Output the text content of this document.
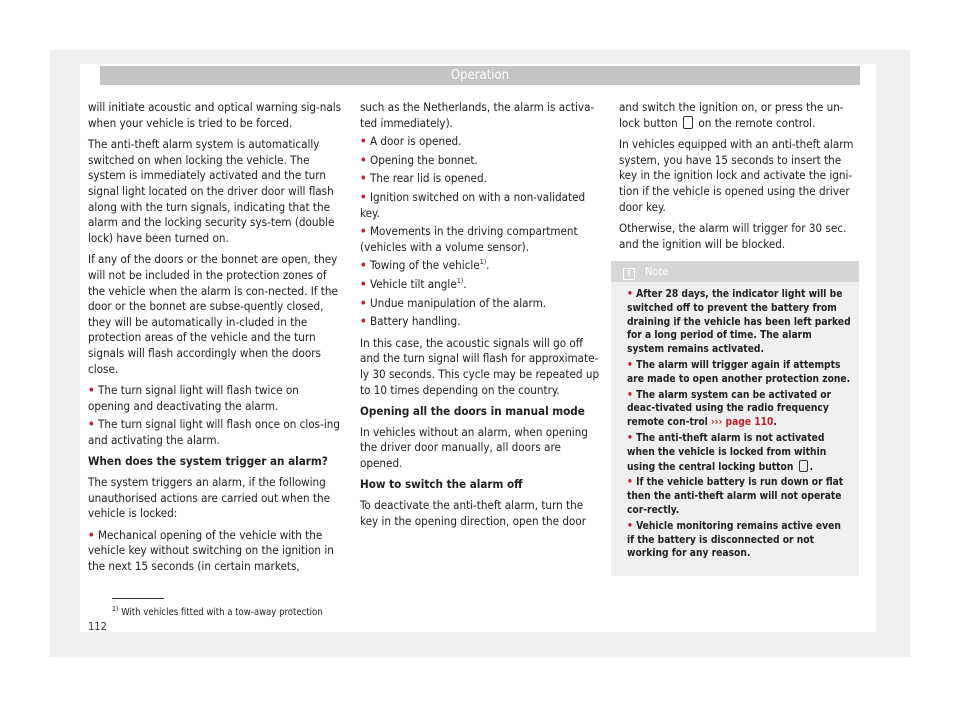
Operation

will initiate acoustic and optical warning sig-nals when your vehicle is tried to be forced.

The anti-theft alarm system is automatically switched on when locking the vehicle. The system is immediately activated and the turn signal light located on the driver door will flash along with the turn signals, indicating that the alarm and the locking security sys-tem (double lock) have been turned on.

If any of the doors or the bonnet are open, they will not be included in the protection zones of the vehicle when the alarm is con-nected. If the door or the bonnet are subse-quently closed, they will be automatically in-cluded in the protection areas of the vehicle and the turn signals will flash accordingly when the doors close.

• The turn signal light will flash twice on opening and deactivating the alarm.

• The turn signal light will flash once on clos-ing and activating the alarm.

When does the system trigger an alarm?

The system triggers an alarm, if the following unauthorised actions are carried out when the vehicle is locked:

• Mechanical opening of the vehicle with the vehicle key without switching on the ignition in the next 15 seconds (in certain markets,

such as the Netherlands, the alarm is activa-ted immediately).

• A door is opened.

• Opening the bonnet.

• The rear lid is opened.

• Ignition switched on with a non-validated key.

• Movements in the driving compartment (vehicles with a volume sensor).

• Towing of the vehicle$^{1)}$.

• Vehicle tilt angle$^{1)}$.

• Undue manipulation of the alarm.

• Battery handling.

In this case, the acoustic signals will go off and the turn signal will flash for approximate-ly 30 seconds. This cycle may be repeated up to 10 times depending on the country.

Opening all the doors in manual mode

In vehicles without an alarm, when opening the driver door manually, all doors are opened.

How to switch the alarm off

To deactivate the anti-theft alarm, turn the key in the opening direction, open the door

and switch the ignition on, or press the un-lock button on the remote control.

In vehicles equipped with an anti-theft alarm system, you have 15 seconds to insert the key in the ignition lock and activate the igni-tion if the vehicle is opened using the driver door key.

Otherwise, the alarm will trigger for 30 sec. and the ignition will be blocked.

i Note

• After 28 days, the indicator light will be switched off to prevent the battery from draining if the vehicle has been left parked for a long period of time. The alarm system remains activated.

• The alarm will trigger again if attempts are made to open another protection zone.

• The alarm system can be activated or deac-tivated using the radio frequency remote con-trol ››› page 110.

• The anti-theft alarm is not activated when the vehicle is locked from within using the central locking button .

• If the vehicle battery is run down or flat then the anti-theft alarm will not operate cor-rectly.

• Vehicle monitoring remains active even if the battery is disconnected or not working for any reason.

$^{1)}$ With vehicles fitted with a tow-away protection
112
